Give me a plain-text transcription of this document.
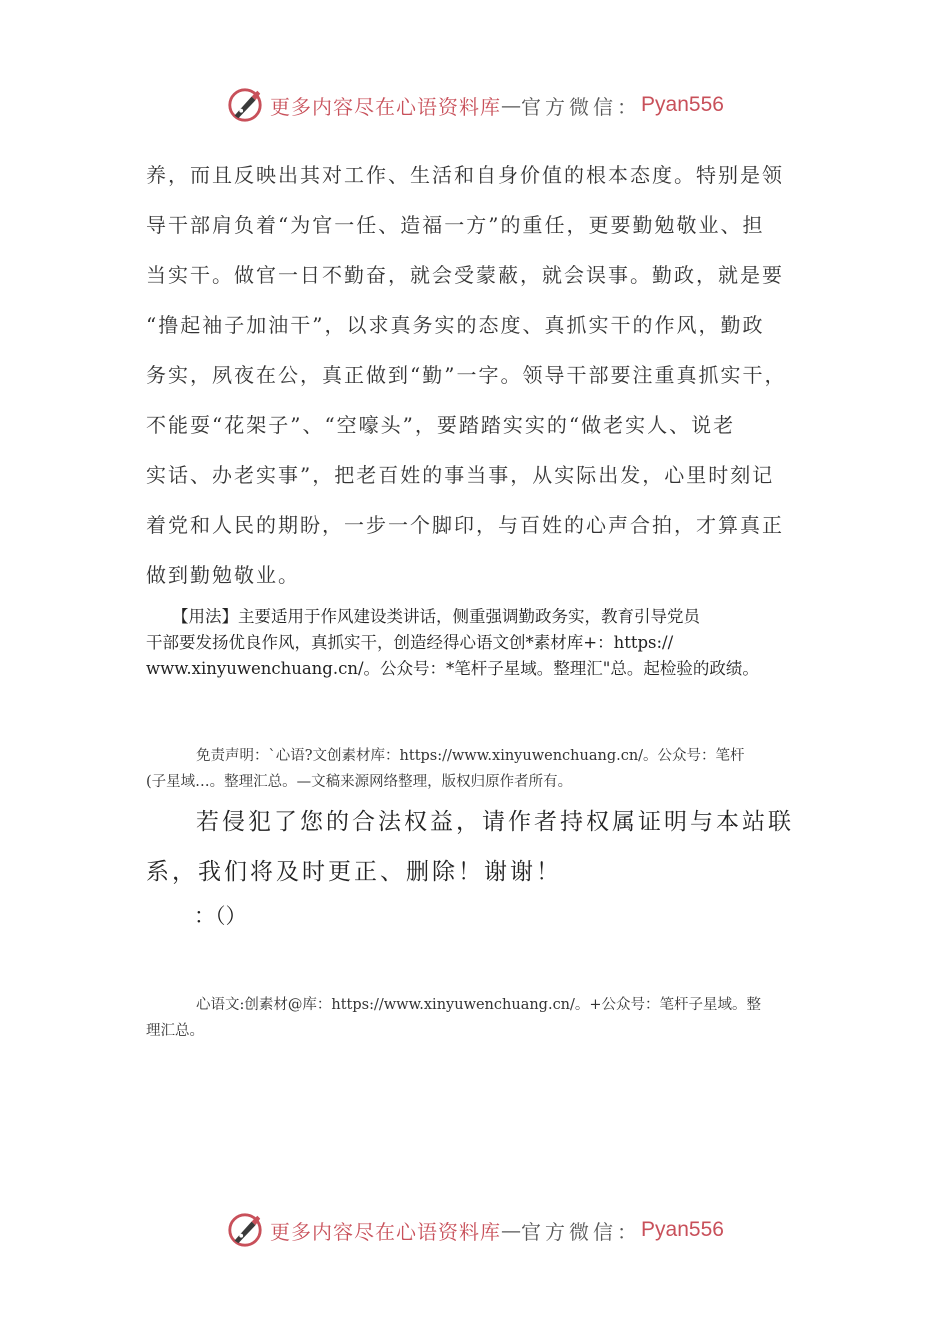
更多内容尽在心语资料库 — 官方微信： Pyan556
养，而且反映出其对工作、生活和自身价值的根本态度。特别是领
导干部肩负着“为官一任、造福一方”的重任，更要勤勉敬业、担
当实干。做官一日不勤奋，就会受蒙蔽，就会误事。勤政，就是要
“撸起袖子加油干”，以求真务实的态度、真抓实干的作风，勤政
务实，夙夜在公，真正做到“勤”一字。领导干部要注重真抓实干，
不能耍“花架子”、“空嚎头”，要踏踏实实的“做老实人、说老
实话、办老实事”，把老百姓的事当事，从实际出发，心里时刻记
着党和人民的期盼，一步一个脚印，与百姓的心声合拍，才算真正
做到勤勉敬业。
【用法】主要适用于作风建设类讲话，侧重强调勤政务实，教育引导党员
干部要发扬优良作风，真抓实干，创造经得心语文创*素材库+：https://
www.xinyuwenchuang.cn/。公众号：*笔杆子星域。整理汇"总。起检验的政绩。
免责声明：`心语?文创素材库：https://www.xinyuwenchuang.cn/。公众号：笔杆
(子星域…。整理汇总。—文稿来源网络整理，版权归原作者所有。
若侵犯了您的合法权益，请作者持权属证明与本站联
系，我们将及时更正、删除！谢谢！
：（）
心语文:创素材@库：https://www.xinyuwenchuang.cn/。+公众号：笔杆子星域。整
理汇总。
更多内容尽在心语资料库 — 官方微信： Pyan556
